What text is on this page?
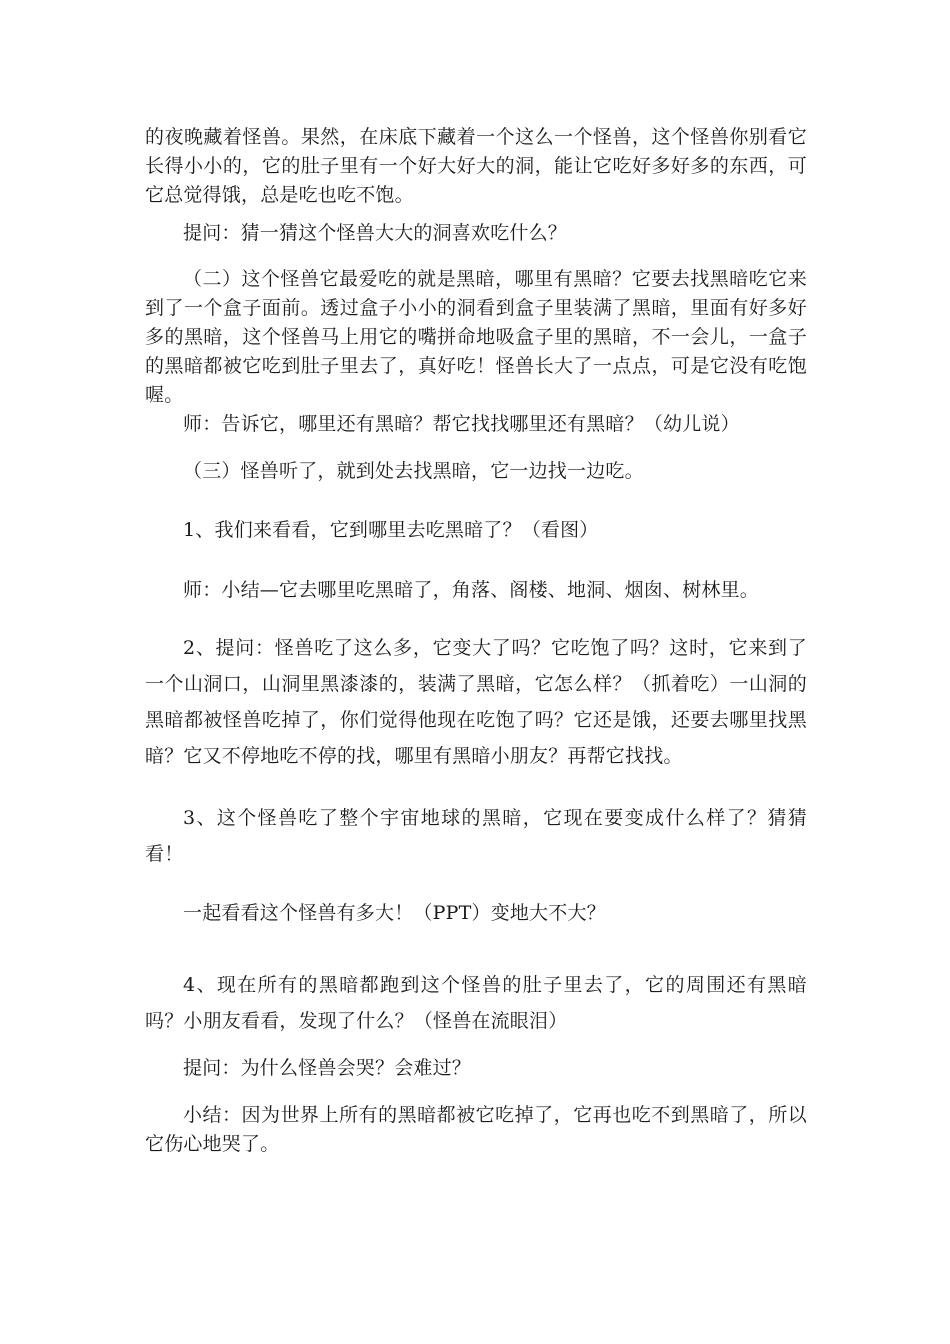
的夜晚藏着怪兽。果然，在床底下藏着一个这么一个怪兽，这个怪兽你别看它长得小小的，它的肚子里有一个好大好大的洞，能让它吃好多好多的东西，可它总觉得饿，总是吃也吃不饱。

提问：猜一猜这个怪兽大大的洞喜欢吃什么？

（二）这个怪兽它最爱吃的就是黑暗，哪里有黑暗？它要去找黑暗吃它来到了一个盒子面前。透过盒子小小的洞看到盒子里装满了黑暗，里面有好多好多的黑暗，这个怪兽马上用它的嘴拼命地吸盒子里的黑暗，不一会儿，一盒子的黑暗都被它吃到肚子里去了，真好吃！怪兽长大了一点点，可是它没有吃饱喔。

师：告诉它，哪里还有黑暗？帮它找找哪里还有黑暗？（幼儿说）

（三）怪兽听了，就到处去找黑暗，它一边找一边吃。

1、我们来看看，它到哪里去吃黑暗了？（看图）

师：小结—它去哪里吃黑暗了，角落、阁楼、地洞、烟囱、树林里。

2、提问：怪兽吃了这么多，它变大了吗？它吃饱了吗？这时，它来到了一个山洞口，山洞里黑漆漆的，装满了黑暗，它怎么样？（抓着吃）一山洞的黑暗都被怪兽吃掉了，你们觉得他现在吃饱了吗？它还是饿，还要去哪里找黑暗？它又不停地吃不停的找，哪里有黑暗小朋友？再帮它找找。

3、这个怪兽吃了整个宇宙地球的黑暗，它现在要变成什么样了？猜猜看！

一起看看这个怪兽有多大！（PPT）变地大不大？

4、现在所有的黑暗都跑到这个怪兽的肚子里去了，它的周围还有黑暗吗？小朋友看看，发现了什么？（怪兽在流眼泪）

提问：为什么怪兽会哭？会难过？

小结：因为世界上所有的黑暗都被它吃掉了，它再也吃不到黑暗了，所以它伤心地哭了。
